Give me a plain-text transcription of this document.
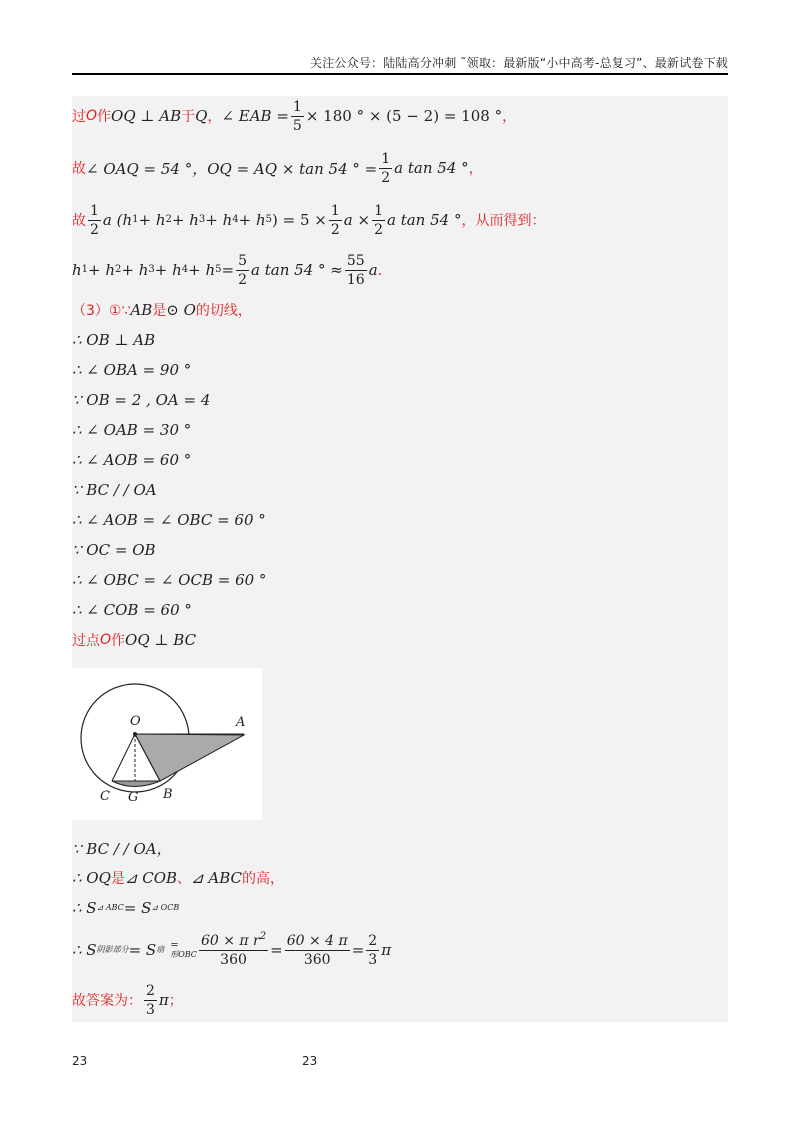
关注公众号：陆陆高分冲刺 ˜领取：最新版“小中高考-总复习”、最新试卷下载
过 O 作 OQ ⊥ AB 于 Q ， ∠ EAB = $\frac{1}{5} \times 180$ ° × (5 − 2) = 108 ° ，
故 ∠ OAQ = 54 °，OQ = AQ × tan 54 ° = $\frac{1}{2}$ a tan 54 ° ，
故 $\frac{1}{2}$ a (h 1 + h 2 + h 3 + h 4 + h 5 ) = $5 \times \frac{1}{2}$ $a \times \frac{1}{2}$ a tan 54 ° ，从而得到：
h 1 + h 2 + h 3 + h 4 + h $5 = \frac{5}{2}$ a tan 54 ° ≈ $\frac{55}{16}$ a ．
（3）①∵ AB 是 ⊙ O 的切线，
∴ OB ⊥ AB
∴ ∠ OBA = 90 °
∵ OB = 2 , OA = 4
∴ ∠ OAB = 30 °
∴ ∠ AOB = 60 °
∵ BC / / OA
∴ ∠ AOB = ∠ OBC = 60 °
∵ OC = OB
∴ ∠ OBC = ∠ OCB = 60 °
∴ ∠ COB = 60 °
过点 O 作 OQ ⊥ BC
O	A
C G B
∵ BC / / OA，
∴ OQ 是 ⊿ COB 、 ⊿ ABC 的高，
∴ S ⊿ ABC = S ⊿ OCB
∴ S 阴影部分 = S 扇 =
形OBC $\frac{60 \times \pi r^2}{360} = \frac{60 \times 4 \pi}{360} = \frac{2}{3}$ π
故答案为： $\frac{2}{3}$ π ；
23	23
